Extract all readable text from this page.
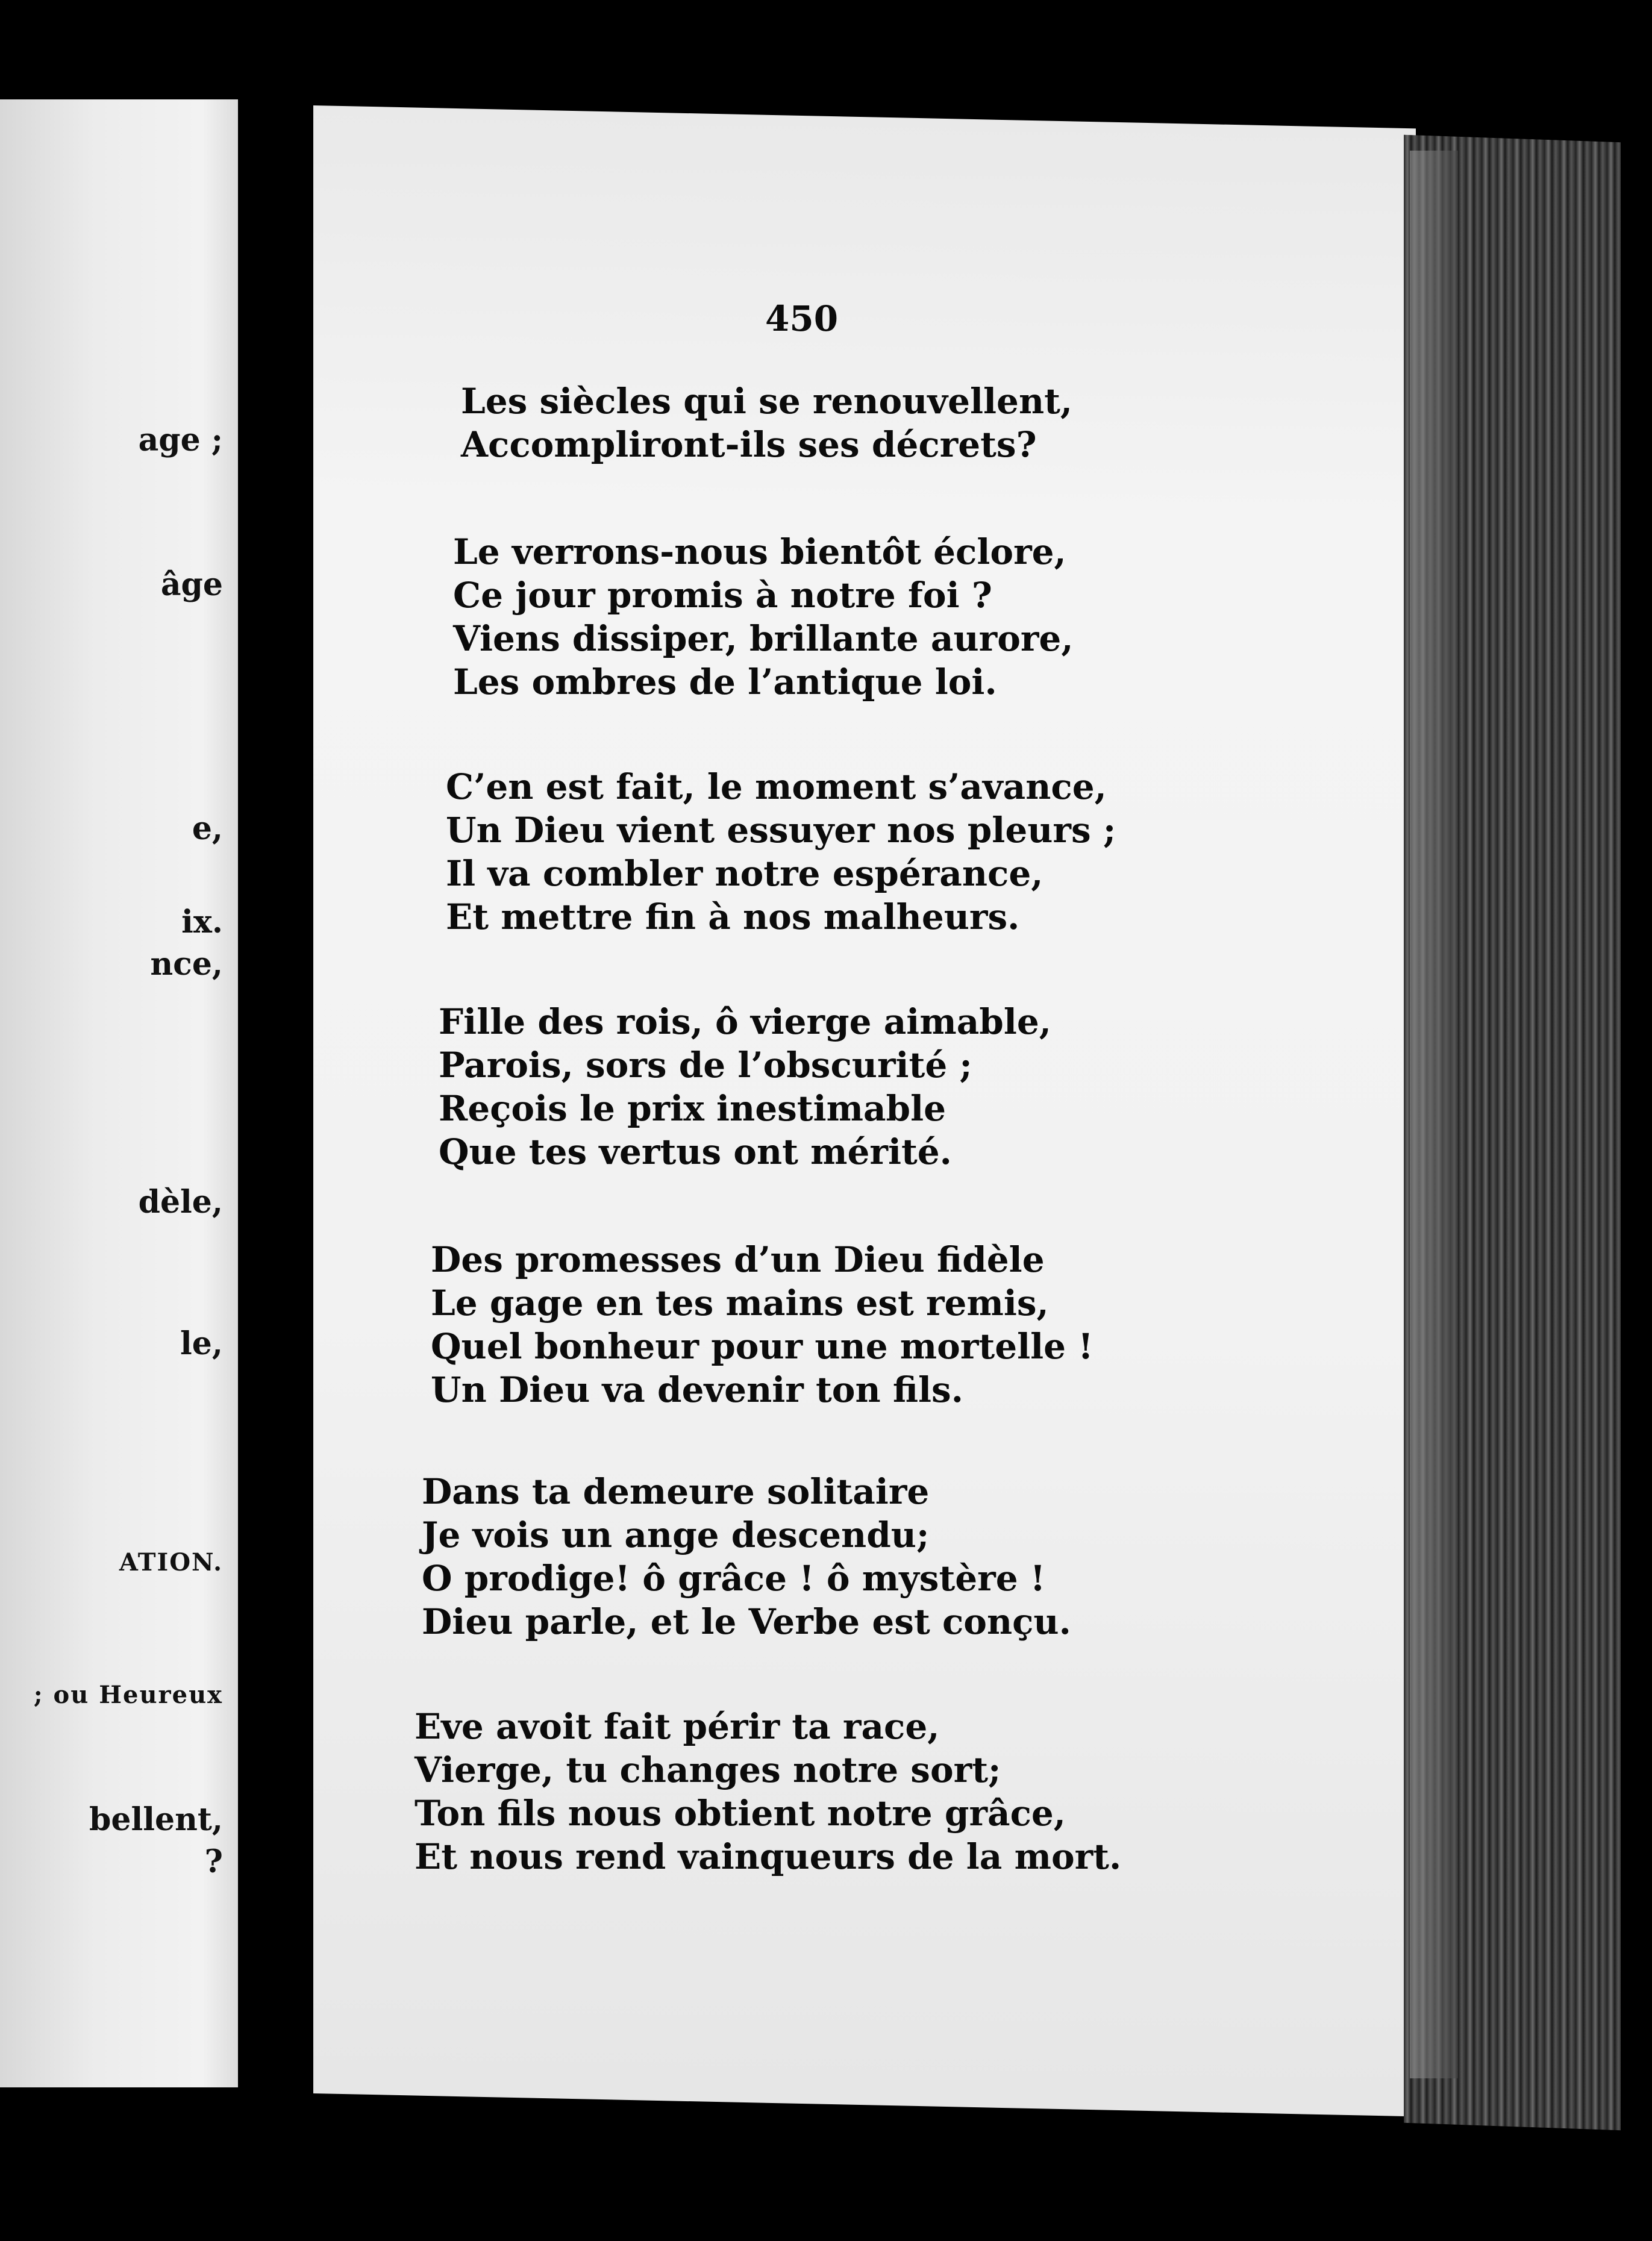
age ;
âge
e,
ix.
nce,
dèle,
le,
ATION.
; ou Heureux
bellent,
?
450
Les siècles qui se renouvellent,
Accompliront-ils ses décrets?
Le verrons-nous bientôt éclore,
Ce jour promis à notre foi ?
Viens dissiper, brillante aurore,
Les ombres de l’antique loi.
C’en est fait, le moment s’avance,
Un Dieu vient essuyer nos pleurs ;
Il va combler notre espérance,
Et mettre fin à nos malheurs.
Fille des rois, ô vierge aimable,
Parois, sors de l’obscurité ;
Reçois le prix inestimable
Que tes vertus ont mérité.
Des promesses d’un Dieu fidèle
Le gage en tes mains est remis,
Quel bonheur pour une mortelle !
Un Dieu va devenir ton fils.
Dans ta demeure solitaire
Je vois un ange descendu;
O prodige! ô grâce ! ô mystère !
Dieu parle, et le Verbe est conçu.
Eve avoit fait périr ta race,
Vierge, tu changes notre sort;
Ton fils nous obtient notre grâce,
Et nous rend vainqueurs de la mort.
